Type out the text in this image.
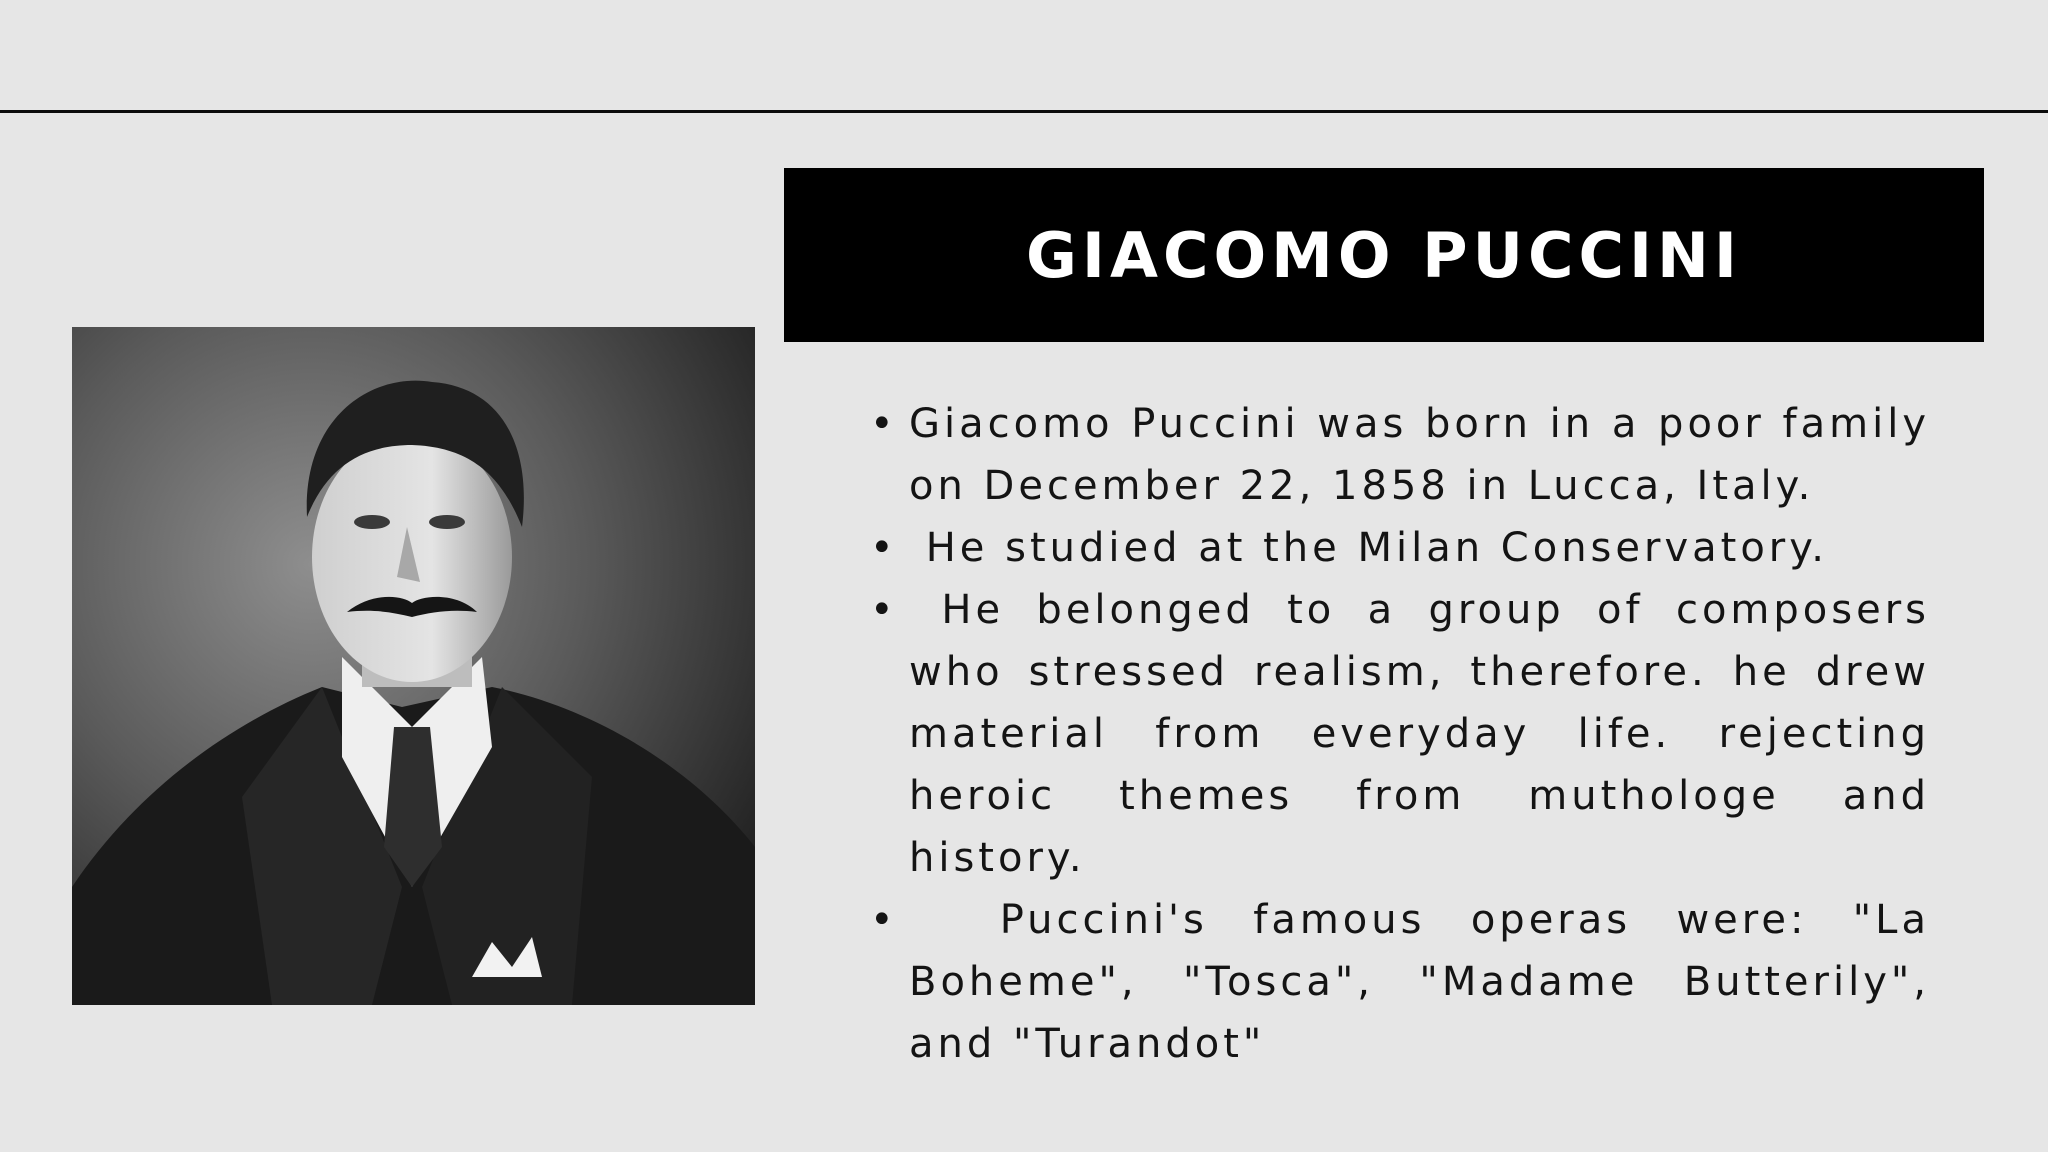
GIACOMO PUCCINI
• Giacomo Puccini was born in a poor family on December 22, 1858 in Lucca, Italy.
• He studied at the Milan Conservatory.
• He belonged to a group of composers who stressed realism, therefore. he drew material from everyday life. rejecting heroic themes from muthologe and history.
• Puccini's famous operas were: "La Boheme", "Tosca", "Madame Butterily", and "Turandot"
